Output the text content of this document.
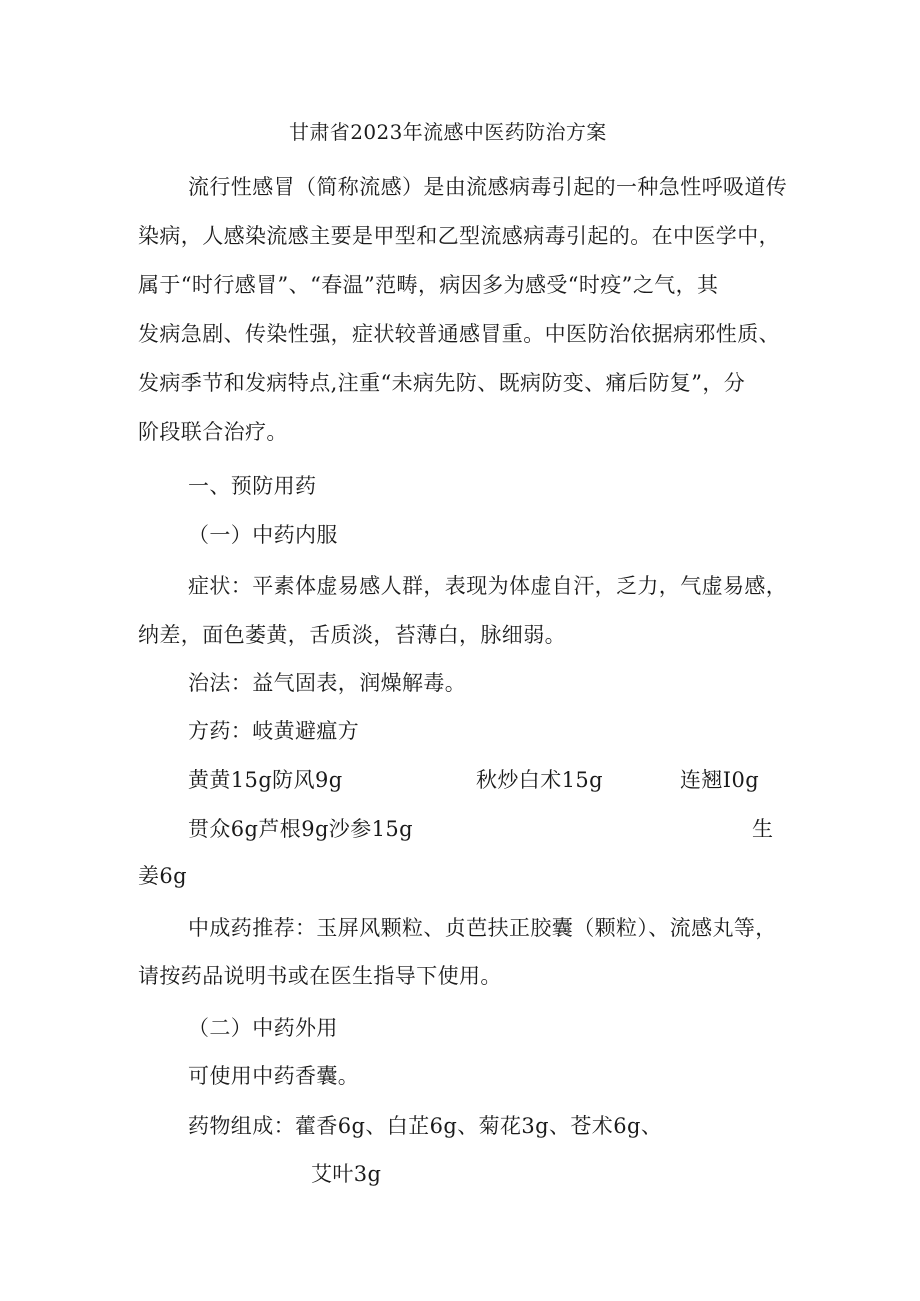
甘肃省2023年流感中医药防治方案
流行性感冒（简称流感）是由流感病毒引起的一种急性呼吸道传
染病，人感染流感主要是甲型和乙型流感病毒引起的。在中医学中，
属于“时行感冒”、“春温”范畴，病因多为感受“时疫”之气，其
发病急剧、传染性强，症状较普通感冒重。中医防治依据病邪性质、
发病季节和发病特点,注重“未病先防、既病防变、痛后防复”，分
阶段联合治疗。
一、预防用药
（一）中药内服
症状：平素体虚易感人群，表现为体虚自汗，乏力，气虚易感，
纳差，面色萎黄，舌质淡，苔薄白，脉细弱。
治法：益气固表，润燥解毒。
方药：岐黄避瘟方
黄黄15g防风9g	秋炒白术15g	连翘I0g
贯众6g芦根9g沙参15g	生
姜6g
中成药推荐：玉屏风颗粒、贞芭扶正胶囊（颗粒）、流感丸等，
请按药品说明书或在医生指导下使用。
（二）中药外用
可使用中药香囊。
药物组成：藿香6g、白芷6g、菊花3g、苍术6g、
艾叶3g
